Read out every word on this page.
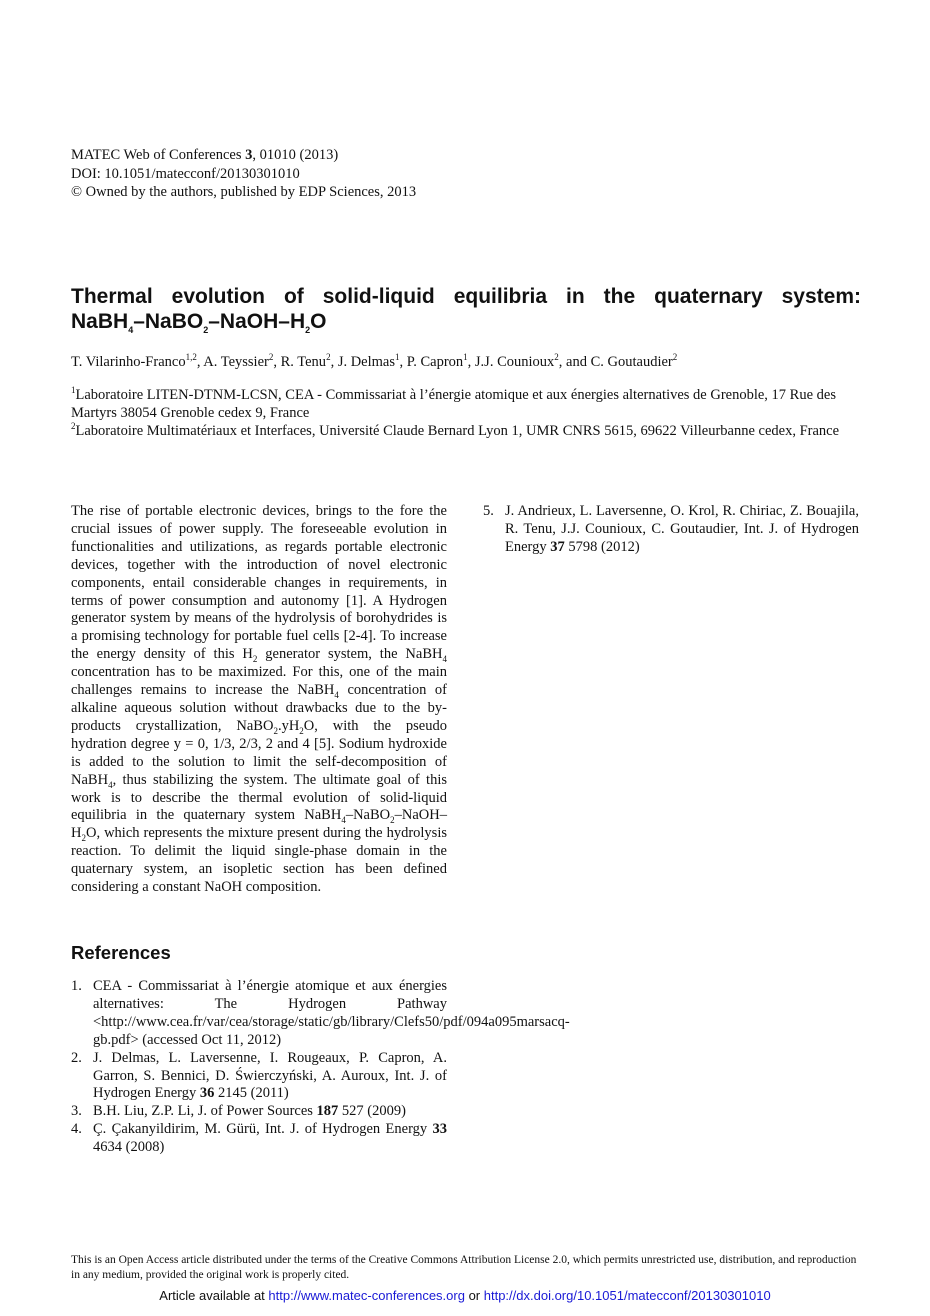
MATEC Web of Conferences 3, 01010 (2013)
DOI: 10.1051/matecconf/20130301010
© Owned by the authors, published by EDP Sciences, 2013
Thermal evolution of solid-liquid equilibria in the quaternary system:
$NaBH_4-NaBO_2-NaOH-H_2O$
T. Vilarinho-Franco$^{1,2}$, A. Teyssier$^2$, R. Tenu$^2$, J. Delmas$^1$, P. Capron$^1$, J.J. Counioux$^2$, and C. Goutaudier$^2$

$^1$Laboratoire LITEN-DTNM-LCSN, CEA - Commissariat à l’énergie atomique et aux énergies alternatives de Grenoble, 17 Rue des Martyrs 38054 Grenoble cedex 9, France

$^2$Laboratoire Multimatériaux et Interfaces, Université Claude Bernard Lyon 1, UMR CNRS 5615, 69622 Villeurbanne cedex, France

The rise of portable electronic devices, brings to the fore the crucial issues of power supply. The foreseeable evolution in functionalities and utilizations, as regards portable electronic devices, together with the introduction of novel electronic components, entail considerable changes in requirements, in terms of power consumption and autonomy [1]. A Hydrogen generator system by means of the hydrolysis of borohydrides is a promising technology for portable fuel cells [2-4]. To increase the energy density of this $H_2$ generator system, the NaBH$_4$ concentration has to be maximized. For this, one of the main challenges remains to increase the NaBH$_4$ concentration of alkaline aqueous solution without drawbacks due to the by-products crystallization, $NaBO_2.yH_2O$, with the pseudo hydration degree y = 0, 1/3, 2/3, 2 and 4 [5]. Sodium hydroxide is added to the solution to limit the self-decomposition of NaBH$_4$, thus stabilizing the system. The ultimate goal of this work is to describe the thermal evolution of solid-liquid equilibria in the quaternary system $NaBH_4-NaBO_2-NaOH-H_2O$, which represents the mixture present during the hydrolysis reaction. To delimit the liquid single-phase domain in the quaternary system, an isopletic section has been defined considering a constant NaOH composition.

References
1. CEA - Commissariat à l’énergie atomique et aux énergies alternatives: The Hydrogen Pathway <http://www.cea.fr/var/cea/storage/static/gb/library/Clefs50/pdf/094a095marsacq-gb.pdf> (accessed Oct 11, 2012)
2. J. Delmas, L. Laversenne, I. Rougeaux, P. Capron, A. Garron, S. Bennici, D. Świerczyński, A. Auroux, Int. J. of Hydrogen Energy 36 2145 (2011)
3. B.H. Liu, Z.P. Li, J. of Power Sources 187 527 (2009)
4. Ç. Çakanyildirim, M. Gürü, Int. J. of Hydrogen Energy 33 4634 (2008)
5. J. Andrieux, L. Laversenne, O. Krol, R. Chiriac, Z. Bouajila, R. Tenu, J.J. Counioux, C. Goutaudier, Int. J. of Hydrogen Energy 37 5798 (2012)
This is an Open Access article distributed under the terms of the Creative Commons Attribution License 2.0, which permits unrestricted use, distribution, and reproduction in any medium, provided the original work is properly cited.
Article available at http://www.matec-conferences.org or http://dx.doi.org/10.1051/matecconf/20130301010
